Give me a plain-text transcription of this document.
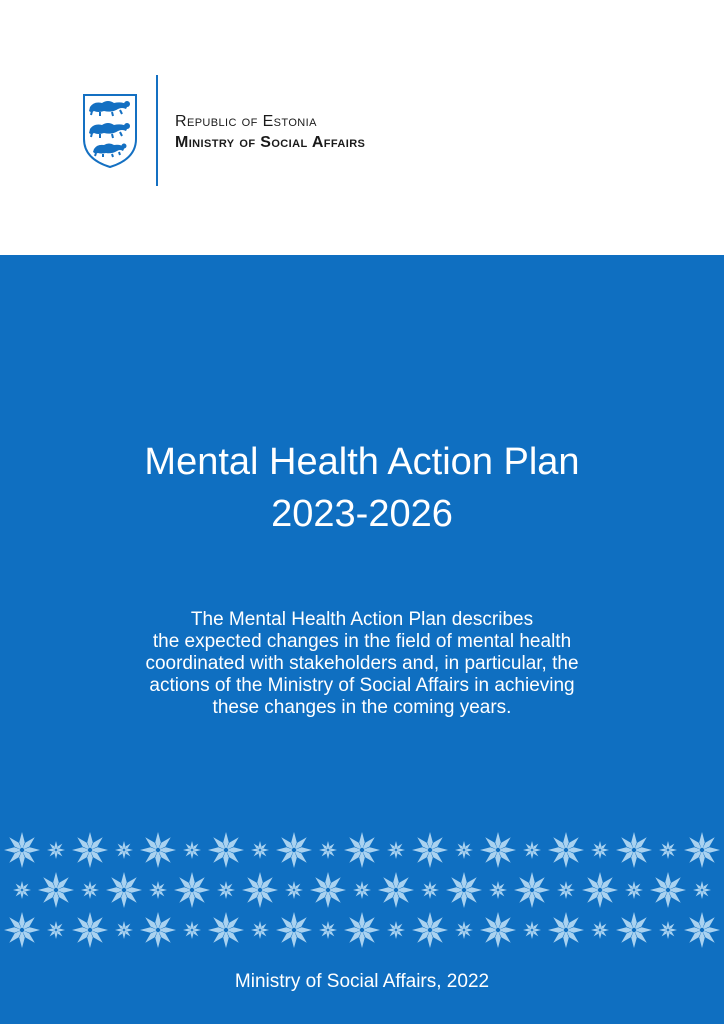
Republic of Estonia
Ministry of Social Affairs
Mental Health Action Plan
2023-2026
The Mental Health Action Plan describes
the expected changes in the field of mental health
coordinated with stakeholders and, in particular, the
actions of the Ministry of Social Affairs in achieving
these changes in the coming years.
Ministry of Social Affairs, 2022
